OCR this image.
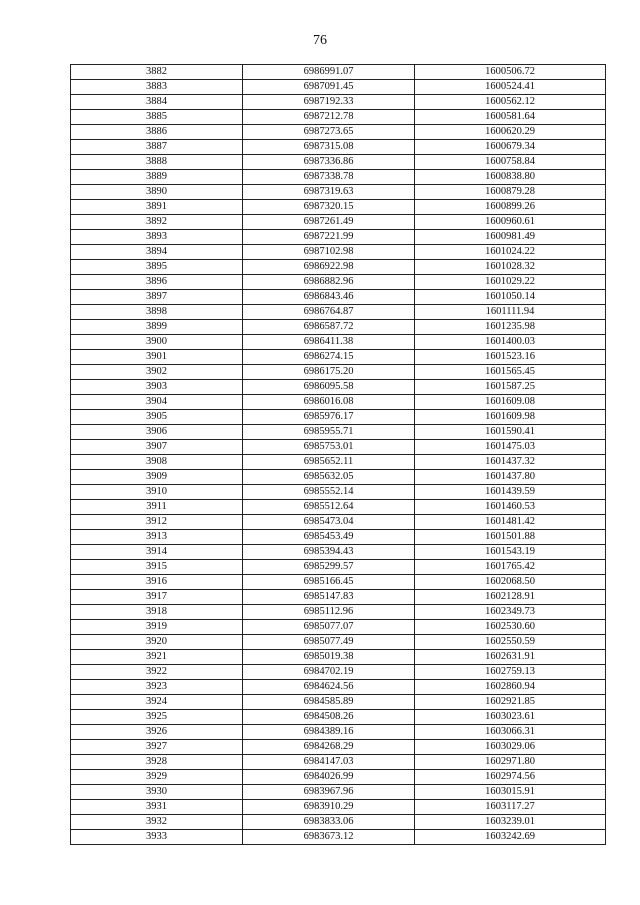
76
3882	6986991.07	1600506.72
3883	6987091.45	1600524.41
3884	6987192.33	1600562.12
3885	6987212.78	1600581.64
3886	6987273.65	1600620.29
3887	6987315.08	1600679.34
3888	6987336.86	1600758.84
3889	6987338.78	1600838.80
3890	6987319.63	1600879.28
3891	6987320.15	1600899.26
3892	6987261.49	1600960.61
3893	6987221.99	1600981.49
3894	6987102.98	1601024.22
3895	6986922.98	1601028.32
3896	6986882.96	1601029.22
3897	6986843.46	1601050.14
3898	6986764.87	1601111.94
3899	6986587.72	1601235.98
3900	6986411.38	1601400.03
3901	6986274.15	1601523.16
3902	6986175.20	1601565.45
3903	6986095.58	1601587.25
3904	6986016.08	1601609.08
3905	6985976.17	1601609.98
3906	6985955.71	1601590.41
3907	6985753.01	1601475.03
3908	6985652.11	1601437.32
3909	6985632.05	1601437.80
3910	6985552.14	1601439.59
3911	6985512.64	1601460.53
3912	6985473.04	1601481.42
3913	6985453.49	1601501.88
3914	6985394.43	1601543.19
3915	6985299.57	1601765.42
3916	6985166.45	1602068.50
3917	6985147.83	1602128.91
3918	6985112.96	1602349.73
3919	6985077.07	1602530.60
3920	6985077.49	1602550.59
3921	6985019.38	1602631.91
3922	6984702.19	1602759.13
3923	6984624.56	1602860.94
3924	6984585.89	1602921.85
3925	6984508.26	1603023.61
3926	6984389.16	1603066.31
3927	6984268.29	1603029.06
3928	6984147.03	1602971.80
3929	6984026.99	1602974.56
3930	6983967.96	1603015.91
3931	6983910.29	1603117.27
3932	6983833.06	1603239.01
3933	6983673.12	1603242.69
